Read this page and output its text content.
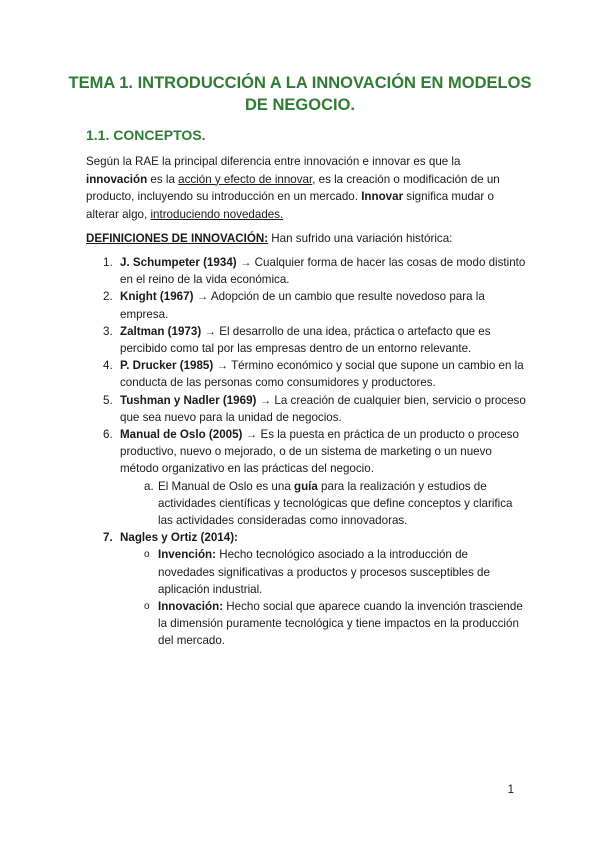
TEMA 1. INTRODUCCIÓN A LA INNOVACIÓN EN MODELOS
DE NEGOCIO.
1.1. CONCEPTOS.
Según la RAE la principal diferencia entre innovación e innovar es que la innovación es la acción y efecto de innovar, es la creación o modificación de un producto, incluyendo su introducción en un mercado. Innovar significa mudar o alterar algo, introduciendo novedades.
DEFINICIONES DE INNOVACIÓN: Han sufrido una variación histórica:
1. J. Schumpeter (1934) → Cualquier forma de hacer las cosas de modo distinto en el reino de la vida económica.
2. Knight (1967) → Adopción de un cambio que resulte novedoso para la empresa.
3. Zaltman (1973) → El desarrollo de una idea, práctica o artefacto que es percibido como tal por las empresas dentro de un entorno relevante.
4. P. Drucker (1985) → Término económico y social que supone un cambio en la conducta de las personas como consumidores y productores.
5. Tushman y Nadler (1969) → La creación de cualquier bien, servicio o proceso que sea nuevo para la unidad de negocios.
6. Manual de Oslo (2005) → Es la puesta en práctica de un producto o proceso productivo, nuevo o mejorado, o de un sistema de marketing o un nuevo método organizativo en las prácticas del negocio.
a. El Manual de Oslo es una guía para la realización y estudios de actividades científicas y tecnológicas que define conceptos y clarifica las actividades consideradas como innovadoras.
7. Nagles y Ortiz (2014):
o Invención: Hecho tecnológico asociado a la introducción de novedades significativas a productos y procesos susceptibles de aplicación industrial.
o Innovación: Hecho social que aparece cuando la invención trasciende la dimensión puramente tecnológica y tiene impactos en la producción del mercado.
1
